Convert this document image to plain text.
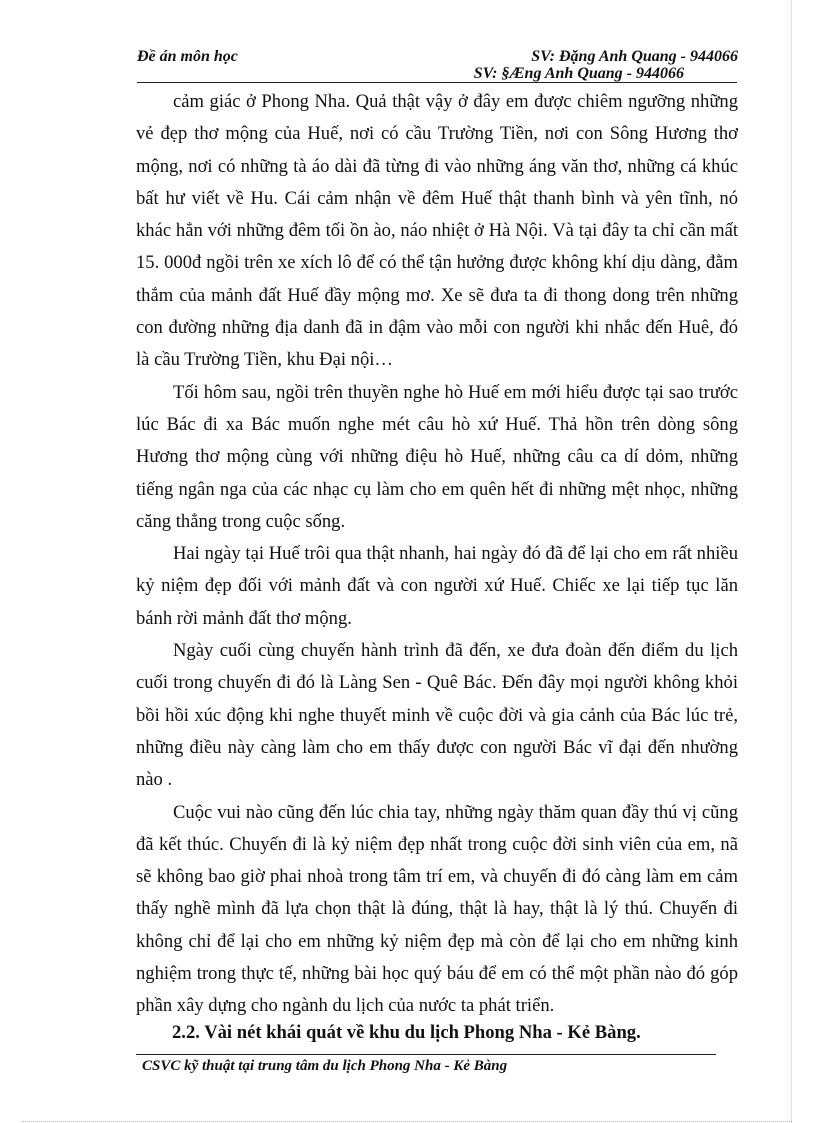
Đề án môn học	SV: Đặng Anh Quang - 944066
SV: §Æng Anh Quang - 944066

cảm giác ở Phong Nha. Quả thật vậy ở đây em được chiêm ngưỡng những vẻ đẹp thơ mộng của Huế, nơi có cầu Trường Tiền, nơi con Sông Hương thơ mộng, nơi có những tà áo dài đã từng đi vào những áng văn thơ, những cá khúc bất hư viết về Hu. Cái cảm nhận về đêm Huế thật thanh bình và yên tĩnh, nó khác hẳn với những đêm tối ồn ào, náo nhiệt ở Hà Nội. Và tại đây ta chỉ cần mất 15. 000đ ngồi trên xe xích lô để có thể tận hưởng được không khí dịu dàng, đằm thắm của mảnh đất Huế đầy mộng mơ. Xe sẽ đưa ta đi thong dong trên những con đường những địa danh đã in đậm vào mỗi con người khi nhắc đến Huê, đó là cầu Trường Tiền, khu Đại nội…

Tối hôm sau, ngồi trên thuyền nghe hò Huế em mới hiểu được tại sao trước lúc Bác đi xa Bác muốn nghe mét câu hò xứ Huế. Thả hồn trên dòng sông Hương thơ mộng cùng với những điệu hò Huế, những câu ca dí dỏm, những tiếng ngân nga của các nhạc cụ làm cho em quên hết đi những mệt nhọc, những căng thẳng trong cuộc sống.

Hai ngày tại Huế trôi qua thật nhanh, hai ngày đó đã để lại cho em rất nhiều kỷ niệm đẹp đối với mảnh đất và con người xứ Huế. Chiếc xe lại tiếp tục lăn bánh rời mảnh đất thơ mộng.

Ngày cuối cùng chuyến hành trình đã đến, xe đưa đoàn đến điểm du lịch cuối trong chuyến đi đó là Làng Sen - Quê Bác. Đến đây mọi người không khỏi bồi hồi xúc động khi nghe thuyết minh về cuộc đời và gia cảnh của Bác lúc trẻ, những điều này càng làm cho em thấy được con người Bác vĩ đại đến nhường nào .

Cuộc vui nào cũng đến lúc chia tay, những ngày thăm quan đầy thú vị cũng đã kết thúc. Chuyến đi là kỷ niệm đẹp nhất trong cuộc đời sinh viên của em, nã sẽ không bao giờ phai nhoà trong tâm trí em, và chuyến đi đó càng làm em cảm thấy nghề mình đã lựa chọn thật là đúng, thật là hay, thật là lý thú. Chuyến đi không chỉ để lại cho em những kỷ niệm đẹp mà còn để lại cho em những kinh nghiệm trong thực tế, những bài học quý báu để em có thể một phần nào đó góp phần xây dựng cho ngành du lịch của nước ta phát triển.

2.2. Vài nét khái quát về khu du lịch Phong Nha - Kẻ Bàng.
CSVC kỹ thuật tại trung tâm du lịch Phong Nha - Kẻ Bàng
